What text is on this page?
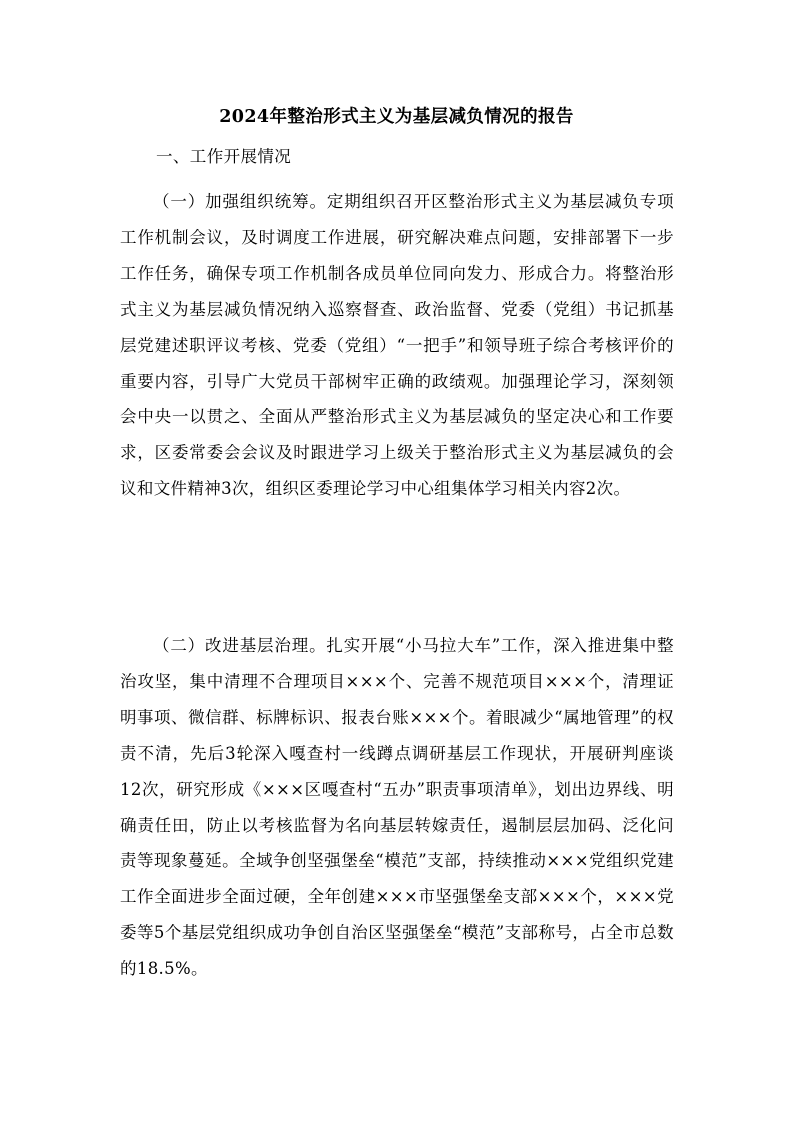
2024年整治形式主义为基层减负情况的报告
一、工作开展情况

（一）加强组织统筹。定期组织召开区整治形式主义为基层减负专项工作机制会议，及时调度工作进展，研究解决难点问题，安排部署下一步工作任务，确保专项工作机制各成员单位同向发力、形成合力。将整治形式主义为基层减负情况纳入巡察督查、政治监督、党委（党组）书记抓基层党建述职评议考核、党委（党组）“一把手”和领导班子综合考核评价的重要内容，引导广大党员干部树牢正确的政绩观。加强理论学习，深刻领会中央一以贯之、全面从严整治形式主义为基层减负的坚定决心和工作要求，区委常委会会议及时跟进学习上级关于整治形式主义为基层减负的会议和文件精神3次，组织区委理论学习中心组集体学习相关内容2次。

（二）改进基层治理。扎实开展“小马拉大车”工作，深入推进集中整治攻坚，集中清理不合理项目×××个、完善不规范项目×××个，清理证明事项、微信群、标牌标识、报表台账×××个。着眼减少“属地管理”的权责不清，先后3轮深入嘎查村一线蹲点调研基层工作现状，开展研判座谈12次，研究形成《×××区嘎查村“五办”职责事项清单》，划出边界线、明确责任田，防止以考核监督为名向基层转嫁责任，遏制层层加码、泛化问责等现象蔓延。全域争创坚强堡垒“模范”支部，持续推动×××党组织党建工作全面进步全面过硬，全年创建×××市坚强堡垒支部×××个，×××党委等5个基层党组织成功争创自治区坚强堡垒“模范”支部称号，占全市总数的18.5%。
